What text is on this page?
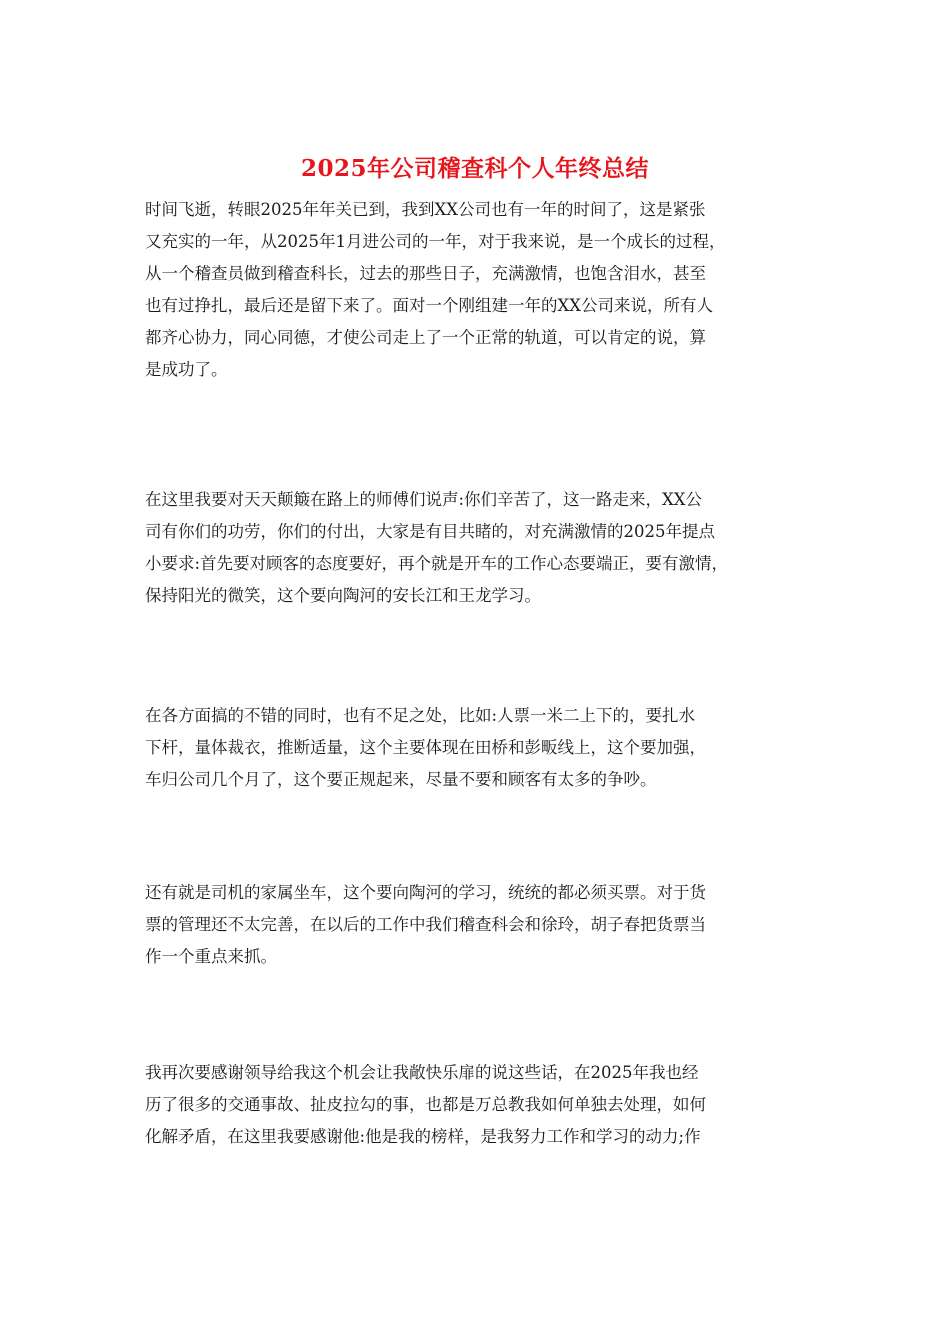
2025年公司稽查科个人年终总结
时间飞逝，转眼2025年年关已到，我到XX公司也有一年的时间了，这是紧张
又充实的一年，从2025年1月进公司的一年，对于我来说，是一个成长的过程，
从一个稽查员做到稽查科长，过去的那些日子，充满激情，也饱含泪水，甚至
也有过挣扎，最后还是留下来了。面对一个刚组建一年的XX公司来说，所有人
都齐心协力，同心同德，才使公司走上了一个正常的轨道，可以肯定的说，算
是成功了。
在这里我要对天天颠簸在路上的师傅们说声:你们辛苦了，这一路走来，XX公
司有你们的功劳，你们的付出，大家是有目共睹的，对充满激情的2025年提点
小要求:首先要对顾客的态度要好，再个就是开车的工作心态要端正，要有激情，
保持阳光的微笑，这个要向陶河的安长江和王龙学习。
在各方面搞的不错的同时，也有不足之处，比如:人票一米二上下的，要扎水
下杆，量体裁衣，推断适量，这个主要体现在田桥和彭畈线上，这个要加强，
车归公司几个月了，这个要正规起来，尽量不要和顾客有太多的争吵。
还有就是司机的家属坐车，这个要向陶河的学习，统统的都必须买票。对于货
票的管理还不太完善，在以后的工作中我们稽查科会和徐玲，胡子春把货票当
作一个重点来抓。
我再次要感谢领导给我这个机会让我敞快乐扉的说这些话，在2025年我也经
历了很多的交通事故、扯皮拉勾的事，也都是万总教我如何单独去处理，如何
化解矛盾，在这里我要感谢他:他是我的榜样，是我努力工作和学习的动力;作
